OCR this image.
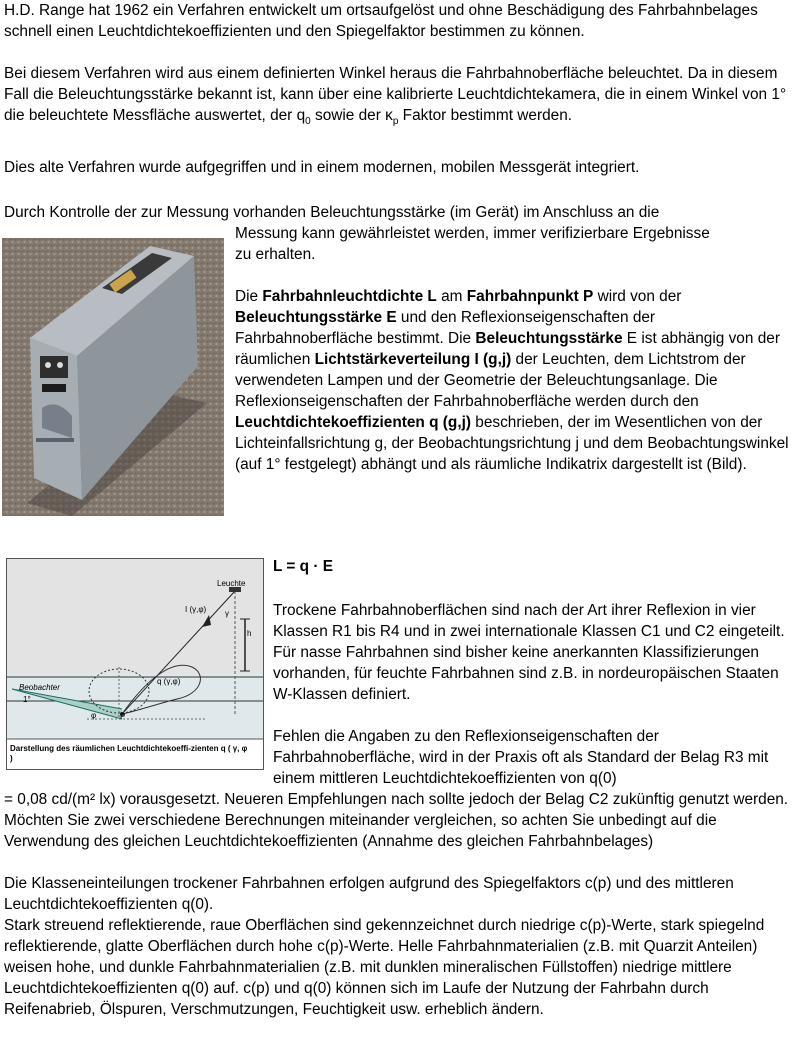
H.D. Range hat 1962 ein Verfahren entwickelt um ortsaufgelöst und ohne Beschädigung des Fahrbahnbelages schnell einen Leuchtdichtekoeffizienten und den Spiegelfaktor bestimmen zu können.

Bei diesem Verfahren wird aus einem definierten Winkel heraus die Fahrbahnoberfläche beleuchtet. Da in diesem Fall die Beleuchtungsstärke bekannt ist, kann über eine kalibrierte Leuchtdichtekamera, die in einem Winkel von 1° die beleuchtete Messfläche auswertet, der $q_0$ sowie der $\kappa_p$ Faktor bestimmt werden.

Dies alte Verfahren wurde aufgegriffen und in einem modernen, mobilen Messgerät integriert.

Durch Kontrolle der zur Messung vorhanden Beleuchtungsstärke (im Gerät) im Anschluss an die

Messung kann gewährleistet werden, immer verifizierbare Ergebnisse zu erhalten.

Die Fahrbahnleuchtdichte L am Fahrbahnpunkt P wird von der Beleuchtungsstärke E und den Reflexionseigenschaften der Fahrbahnoberfläche bestimmt. Die Beleuchtungsstärke E ist abhängig von der räumlichen Lichtstärkeverteilung I (g,j) der Leuchten, dem Lichtstrom der verwendeten Lampen und der Geometrie der Beleuchtungsanlage. Die Reflexionseigenschaften der Fahrbahnoberfläche werden durch den Leuchtdichtekoeffizienten q (g,j) beschrieben, der im Wesentlichen von der Lichteinfallsrichtung g, der Beobachtungsrichtung j und dem Beobachtungswinkel (auf 1° festgelegt) abhängt und als räumliche Indikatrix dargestellt ist (Bild).

Leuchte
I (γ,φ) γ
h
q (γ,φ)
Beobachter
1°
φ	P
Darstellung des räumlichen Leuchtdichtekoeffi-zienten q ( γ, φ )

L = q · E

Trockene Fahrbahnoberflächen sind nach der Art ihrer Reflexion in vier Klassen R1 bis R4 und in zwei internationale Klassen C1 und C2 eingeteilt. Für nasse Fahrbahnen sind bisher keine anerkannten Klassifizierungen vorhanden, für feuchte Fahrbahnen sind z.B. in nordeuropäischen Staaten W-Klassen definiert.

Fehlen die Angaben zu den Reflexionseigenschaften der Fahrbahnoberfläche, wird in der Praxis oft als Standard der Belag R3 mit einem mittleren Leuchtdichtekoeffizienten von q(0)

= 0,08 cd/(m² lx) vorausgesetzt. Neueren Empfehlungen nach sollte jedoch der Belag C2 zukünftig genutzt werden. Möchten Sie zwei verschiedene Berechnungen miteinander vergleichen, so achten Sie unbedingt auf die Verwendung des gleichen Leuchtdichtekoeffizienten (Annahme des gleichen Fahrbahnbelages)

Die Klasseneinteilungen trockener Fahrbahnen erfolgen aufgrund des Spiegelfaktors c(p) und des mittleren Leuchtdichtekoeffizienten q(0).

Stark streuend reflektierende, raue Oberflächen sind gekennzeichnet durch niedrige c(p)-Werte, stark spiegelnd reflektierende, glatte Oberflächen durch hohe c(p)-Werte. Helle Fahrbahnmaterialien (z.B. mit Quarzit Anteilen) weisen hohe, und dunkle Fahrbahnmaterialien (z.B. mit dunklen mineralischen Füllstoffen) niedrige mittlere Leuchtdichtekoeffizienten q(0) auf. c(p) und q(0) können sich im Laufe der Nutzung der Fahrbahn durch Reifenabrieb, Ölspuren, Verschmutzungen, Feuchtigkeit usw. erheblich ändern.
